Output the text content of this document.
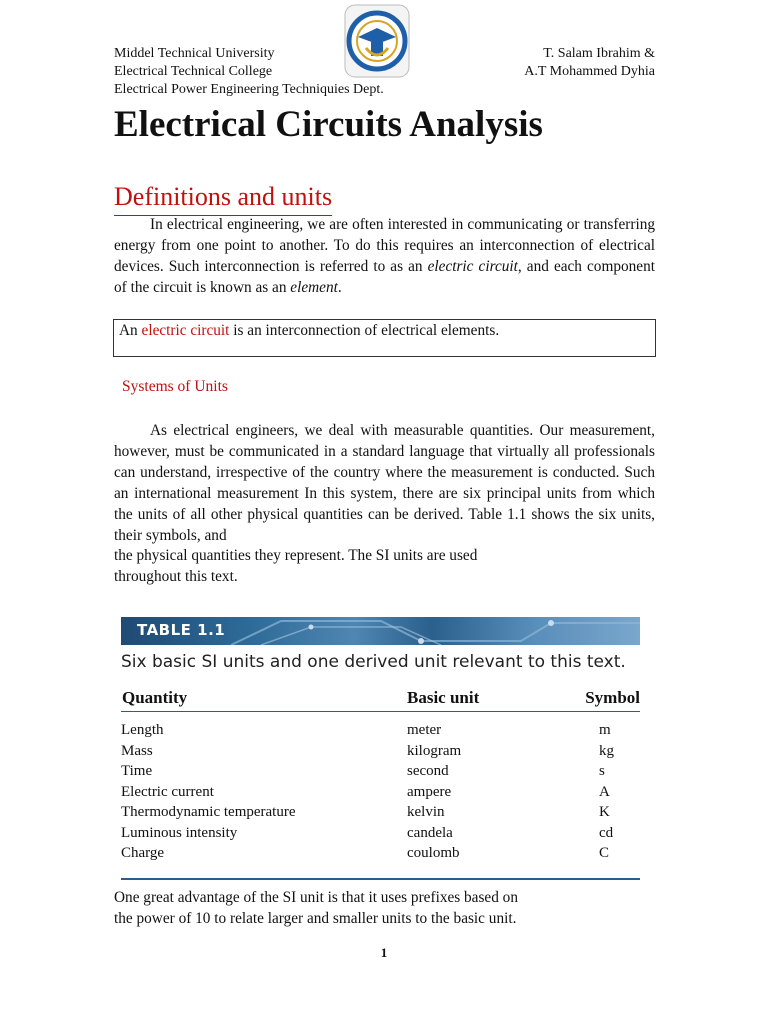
Middel Technical University
Electrical Technical College
Electrical Power Engineering Techniquies Dept.
T. Salam Ibrahim &
A.T Mohammed Dyhia
Electrical Circuits Analysis
Definitions and units

In electrical engineering, we are often interested in communicating or transferring energy from one point to another. To do this requires an interconnection of electrical devices. Such interconnection is referred to as an electric circuit, and each component of the circuit is known as an element.

An electric circuit is an interconnection of electrical elements.
Systems of Units

As electrical engineers, we deal with measurable quantities. Our measurement, however, must be communicated in a standard language that virtually all professionals can understand, irrespective of the country where the measurement is conducted. Such an international measurement In this system, there are six principal units from which the units of all other physical quantities can be derived. Table 1.1 shows the six units, their symbols, and

the physical quantities they represent. The SI units are used
throughout this text.
TABLE 1.1
Six basic SI units and one derived unit relevant to this text.
Quantity	Basic unit	Symbol
Length	meter	m
Mass	kilogram	kg
Time	second	s
Electric current	ampere	A
Thermodynamic temperature	kelvin	K
Luminous intensity	candela	cd
Charge	coulomb	C
One great advantage of the SI unit is that it uses prefixes based on
the power of 10 to relate larger and smaller units to the basic unit.
1
